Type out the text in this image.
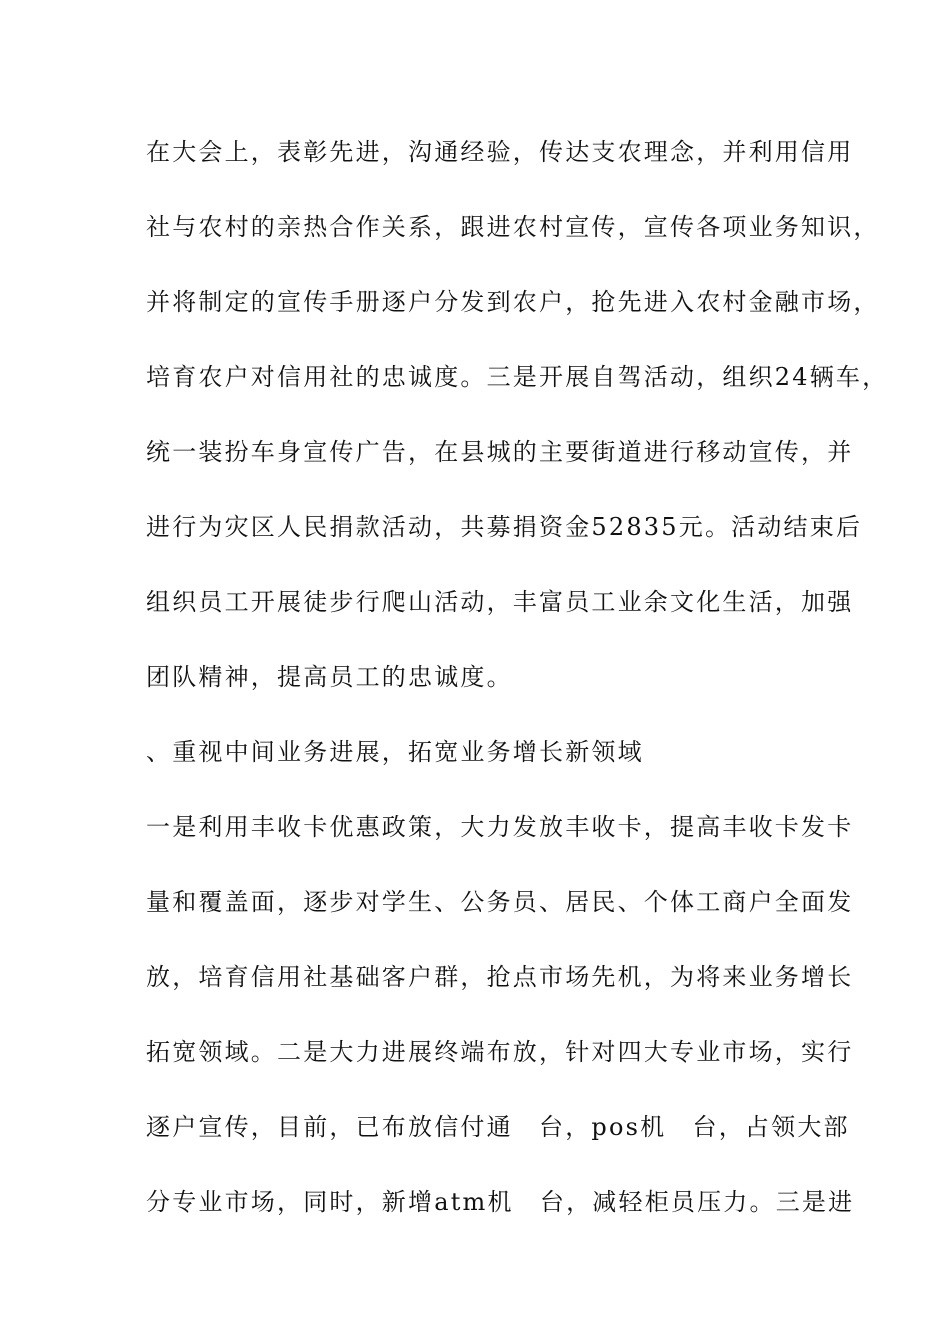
在大会上，表彰先进，沟通经验，传达支农理念，并利用信用
社与农村的亲热合作关系，跟进农村宣传，宣传各项业务知识，
并将制定的宣传手册逐户分发到农户，抢先进入农村金融市场，
培育农户对信用社的忠诚度。三是开展自驾活动，组织24辆车，
统一装扮车身宣传广告，在县城的主要街道进行移动宣传，并
进行为灾区人民捐款活动，共募捐资金52835元。活动结束后
组织员工开展徒步行爬山活动，丰富员工业余文化生活，加强
团队精神，提高员工的忠诚度。
、重视中间业务进展，拓宽业务增长新领域
一是利用丰收卡优惠政策，大力发放丰收卡，提高丰收卡发卡
量和覆盖面，逐步对学生、公务员、居民、个体工商户全面发
放，培育信用社基础客户群，抢点市场先机，为将来业务增长
拓宽领域。二是大力进展终端布放，针对四大专业市场，实行
逐户宣传，目前，已布放信付通　台，pos机　台，占领大部
分专业市场，同时，新增atm机　台，减轻柜员压力。三是进
